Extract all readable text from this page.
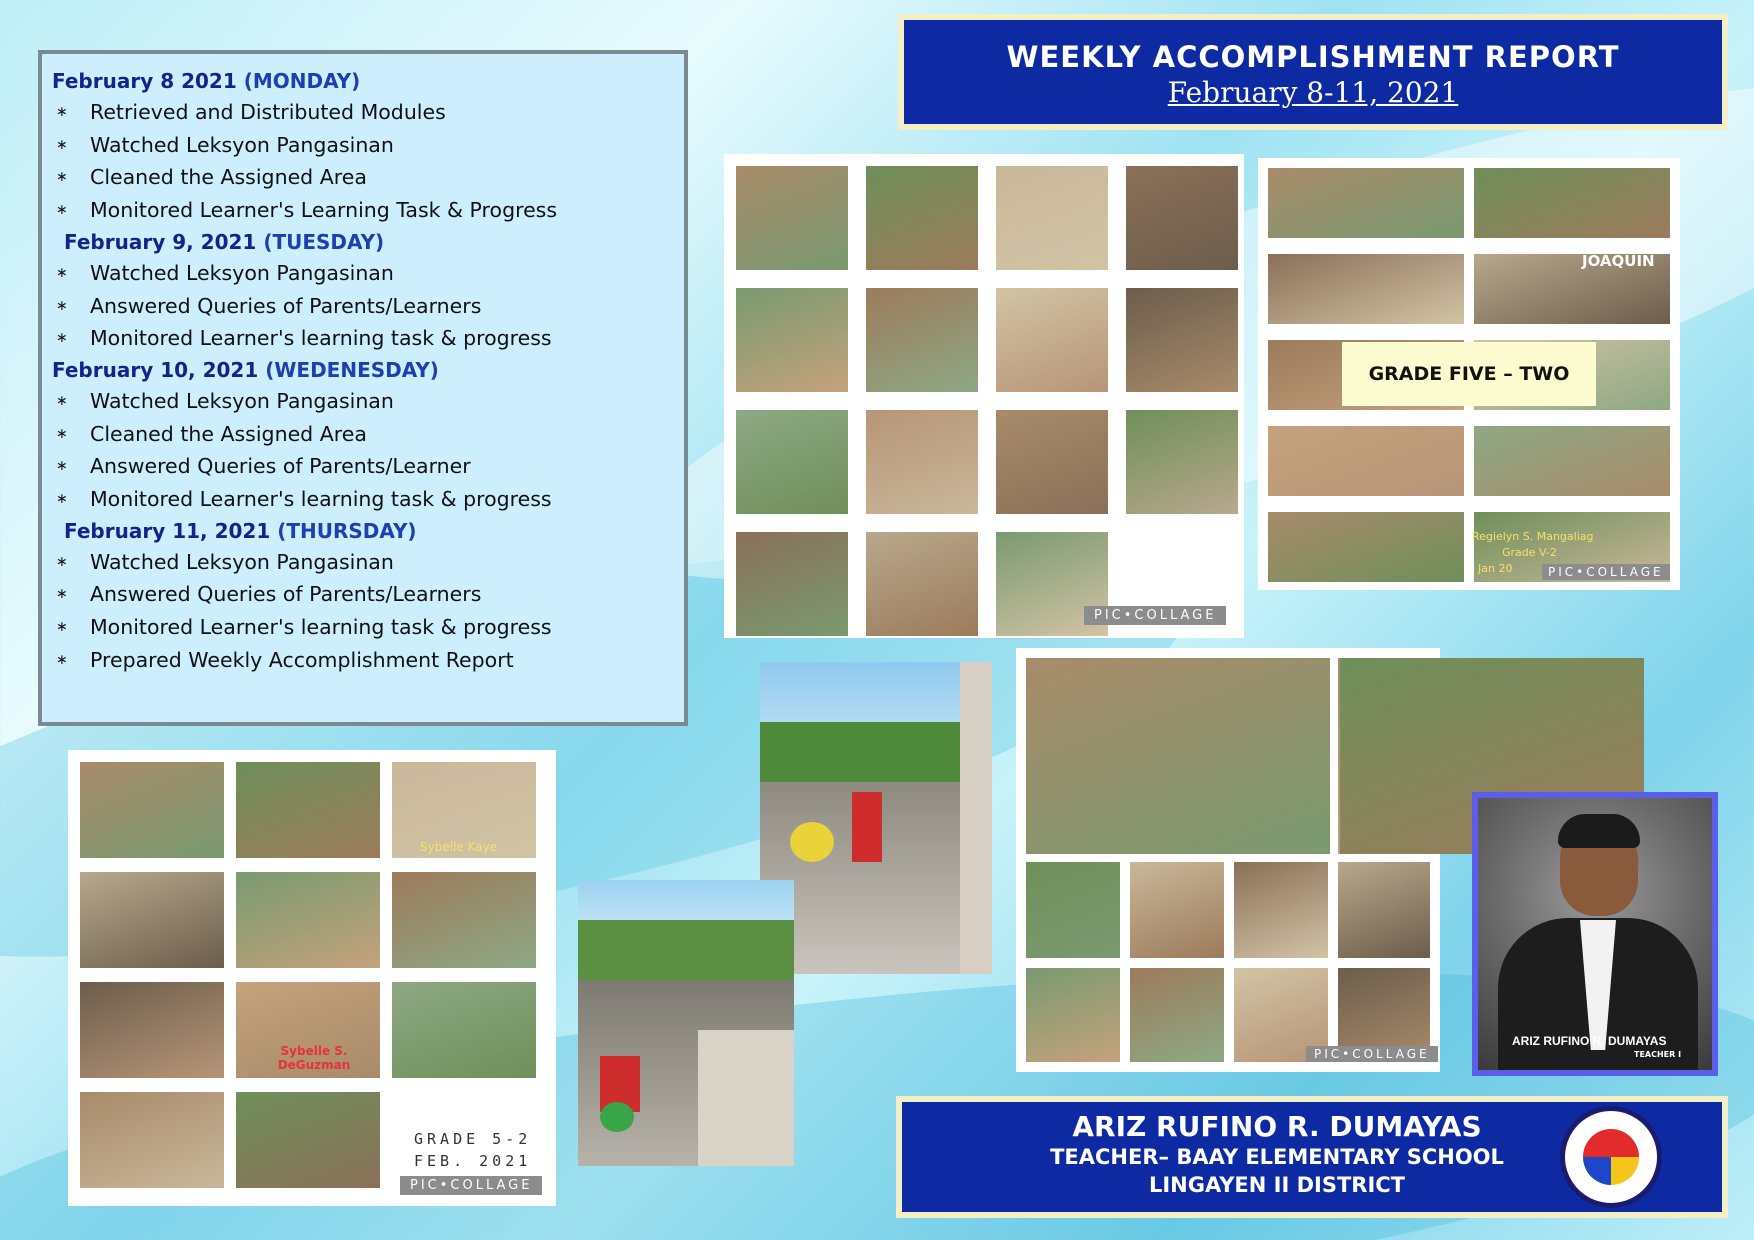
February 8 2021 (MONDAY)
∗	Retrieved and Distributed Modules
∗	Watched Leksyon Pangasinan
∗	Cleaned the Assigned Area
∗	Monitored Learner's Learning Task & Progress
February 9, 2021 (TUESDAY)
∗	Watched Leksyon Pangasinan
∗	Answered Queries of Parents/Learners
∗	Monitored Learner's learning task & progress
February 10, 2021 (WEDENESDAY)
∗	Watched Leksyon Pangasinan
∗	Cleaned the Assigned Area
∗	Answered Queries of Parents/Learner
∗	Monitored Learner's learning task & progress
February 11, 2021 (THURSDAY)
∗	Watched Leksyon Pangasinan
∗	Answered Queries of Parents/Learners
∗	Monitored Learner's learning task & progress
∗	Prepared Weekly Accomplishment Report
WEEKLY ACCOMPLISHMENT REPORT
February 8-11, 2021
PIC•COLLAGE
JOAQUIN
GRADE FIVE – TWO
Regielyn S. Mangaliag
Grade V-2
Jan 20	PIC•COLLAGE
Sybelle Kaye
Sybelle S. DeGuzman
GRADE 5-2
FEB. 2021
PIC•COLLAGE
PIC•COLLAGE
ARIZ RUFINO R. DUMAYAS
TEACHER I
ARIZ RUFINO R. DUMAYAS
TEACHER– BAAY ELEMENTARY SCHOOL
LINGAYEN II DISTRICT
